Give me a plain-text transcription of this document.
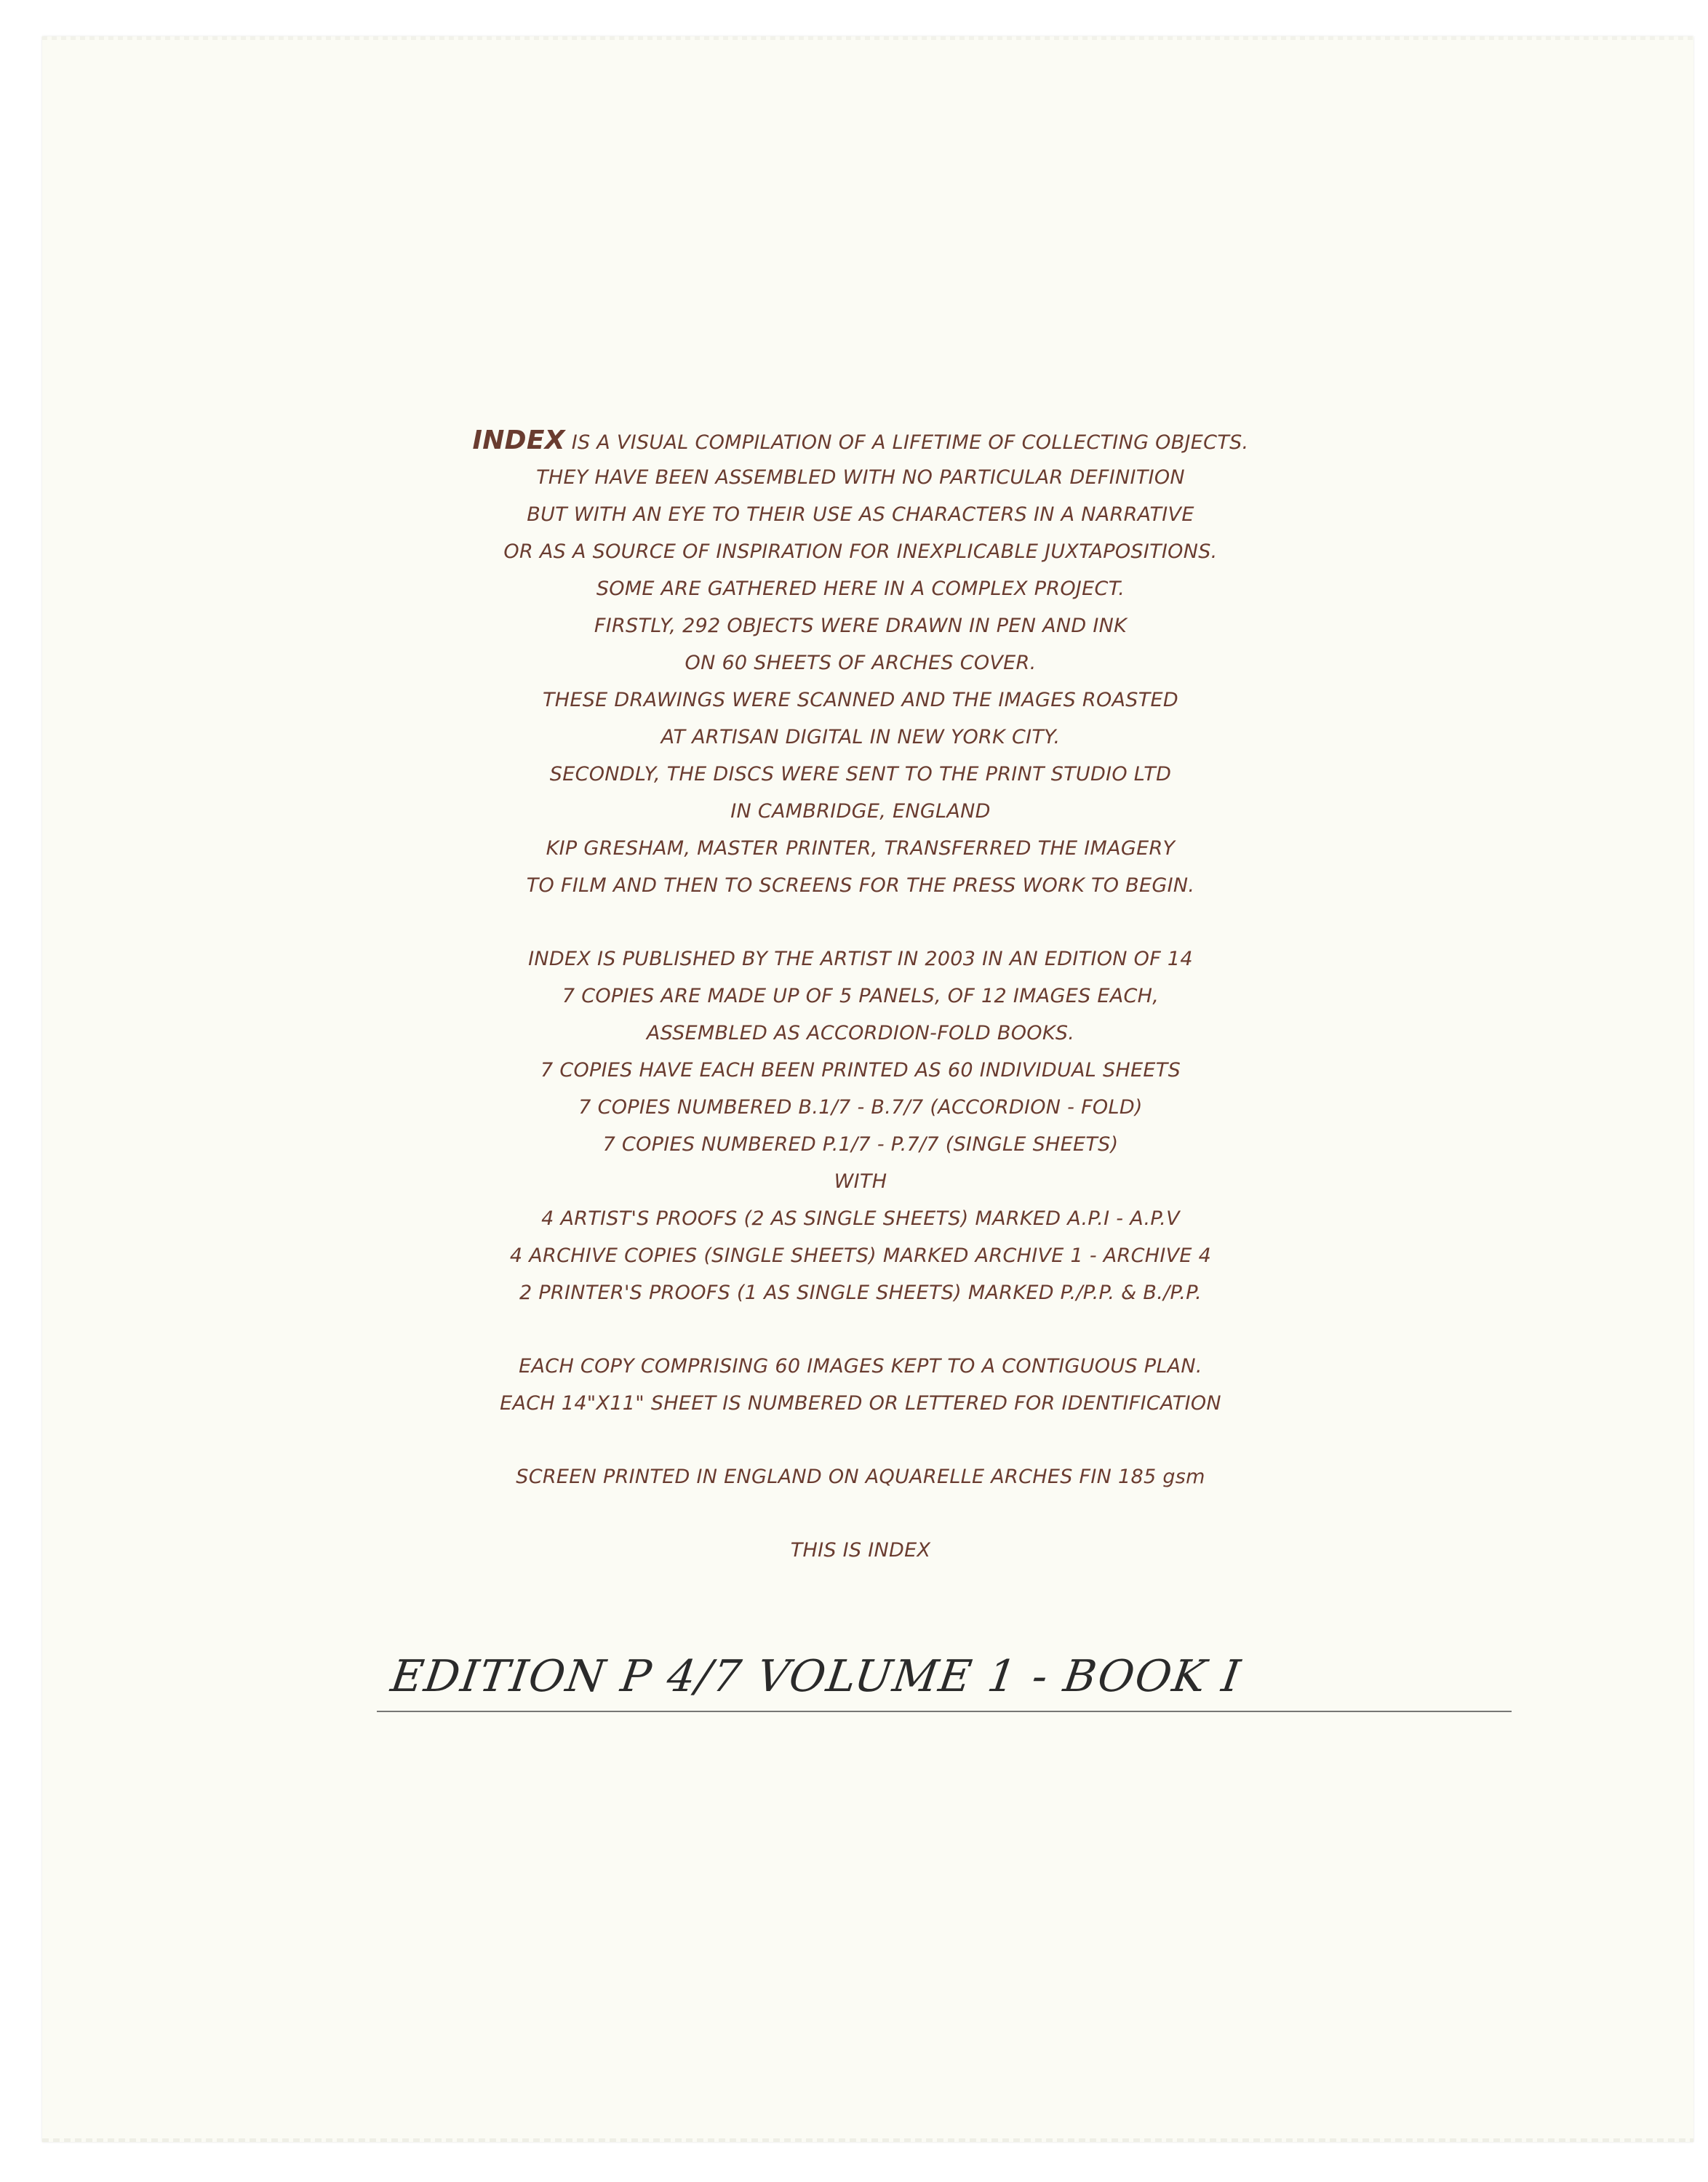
INDEX IS A VISUAL COMPILATION OF A LIFETIME OF COLLECTING OBJECTS.
THEY HAVE BEEN ASSEMBLED WITH NO PARTICULAR DEFINITION
BUT WITH AN EYE TO THEIR USE AS CHARACTERS IN A NARRATIVE
OR AS A SOURCE OF INSPIRATION FOR INEXPLICABLE JUXTAPOSITIONS.
SOME ARE GATHERED HERE IN A COMPLEX PROJECT.
FIRSTLY, 292 OBJECTS WERE DRAWN IN PEN AND INK
ON 60 SHEETS OF ARCHES COVER.
THESE DRAWINGS WERE SCANNED AND THE IMAGES ROASTED
AT ARTISAN DIGITAL IN NEW YORK CITY.
SECONDLY, THE DISCS WERE SENT TO THE PRINT STUDIO LTD
IN CAMBRIDGE, ENGLAND
KIP GRESHAM, MASTER PRINTER, TRANSFERRED THE IMAGERY
TO FILM AND THEN TO SCREENS FOR THE PRESS WORK TO BEGIN.
INDEX IS PUBLISHED BY THE ARTIST IN 2003 IN AN EDITION OF 14
7 COPIES ARE MADE UP OF 5 PANELS, OF 12 IMAGES EACH,
ASSEMBLED AS ACCORDION-FOLD BOOKS.
7 COPIES HAVE EACH BEEN PRINTED AS 60 INDIVIDUAL SHEETS
7 COPIES NUMBERED B.1/7 - B.7/7 (ACCORDION - FOLD)
7 COPIES NUMBERED P.1/7 - P.7/7 (SINGLE SHEETS)
WITH
4 ARTIST'S PROOFS (2 AS SINGLE SHEETS) MARKED A.P.I - A.P.V
4 ARCHIVE COPIES (SINGLE SHEETS) MARKED ARCHIVE 1 - ARCHIVE 4
2 PRINTER'S PROOFS (1 AS SINGLE SHEETS) MARKED P./P.P. & B./P.P.
EACH COPY COMPRISING 60 IMAGES KEPT TO A CONTIGUOUS PLAN.
EACH 14"X11" SHEET IS NUMBERED OR LETTERED FOR IDENTIFICATION
SCREEN PRINTED IN ENGLAND ON AQUARELLE ARCHES FIN 185 gsm
THIS IS INDEX
EDITION P 4/7 VOLUME 1 - BOOK I
